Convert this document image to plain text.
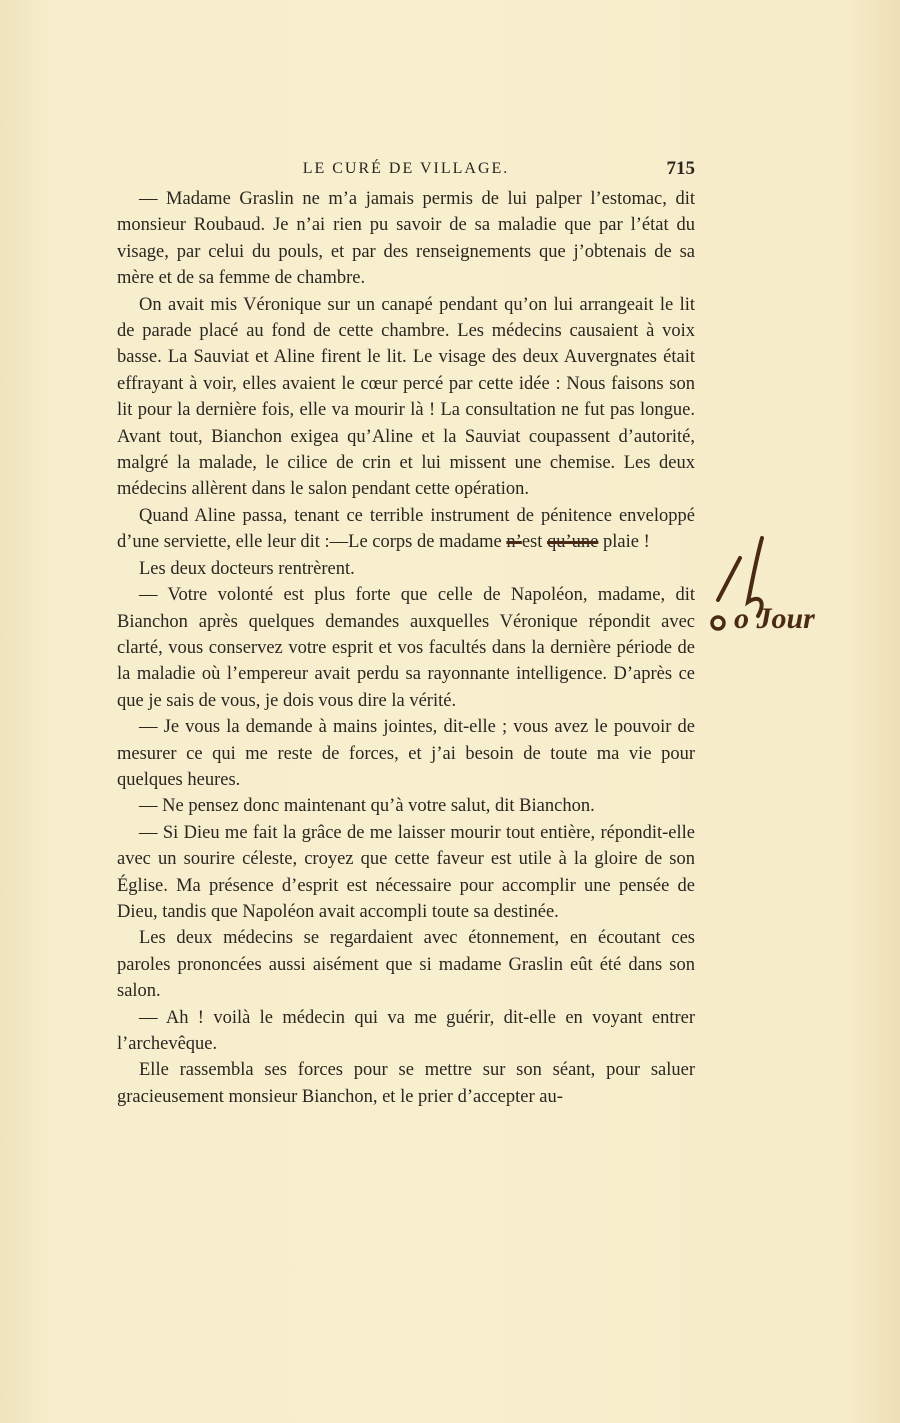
LE CURÉ DE VILLAGE.	715

— Madame Graslin ne m’a jamais permis de lui palper l’estomac, dit monsieur Roubaud. Je n’ai rien pu savoir de sa maladie que par l’état du visage, par celui du pouls, et par des renseignements que j’obtenais de sa mère et de sa femme de chambre.

On avait mis Véronique sur un canapé pendant qu’on lui arrangeait le lit de parade placé au fond de cette chambre. Les médecins causaient à voix basse. La Sauviat et Aline firent le lit. Le visage des deux Auvergnates était effrayant à voir, elles avaient le cœur percé par cette idée : Nous faisons son lit pour la dernière fois, elle va mourir là ! La consultation ne fut pas longue. Avant tout, Bianchon exigea qu’Aline et la Sauviat coupassent d’autorité, malgré la malade, le cilice de crin et lui missent une chemise. Les deux médecins allèrent dans le salon pendant cette opération.

Quand Aline passa, tenant ce terrible instrument de pénitence enveloppé d’une serviette, elle leur dit :—Le corps de madame n’est qu’une plaie !

Les deux docteurs rentrèrent.

— Votre volonté est plus forte que celle de Napoléon, madame, dit Bianchon après quelques demandes auxquelles Véronique répondit avec clarté, vous conservez votre esprit et vos facultés dans la dernière période de la maladie où l’empereur avait perdu sa rayonnante intelligence. D’après ce que je sais de vous, je dois vous dire la vérité.

— Je vous la demande à mains jointes, dit-elle ; vous avez le pouvoir de mesurer ce qui me reste de forces, et j’ai besoin de toute ma vie pour quelques heures.

— Ne pensez donc maintenant qu’à votre salut, dit Bianchon.

— Si Dieu me fait la grâce de me laisser mourir tout entière, répondit-elle avec un sourire céleste, croyez que cette faveur est utile à la gloire de son Église. Ma présence d’esprit est nécessaire pour accomplir une pensée de Dieu, tandis que Napoléon avait accompli toute sa destinée.

Les deux médecins se regardaient avec étonnement, en écoutant ces paroles prononcées aussi aisément que si madame Graslin eût été dans son salon.

— Ah ! voilà le médecin qui va me guérir, dit-elle en voyant entrer l’archevêque.

Elle rassembla ses forces pour se mettre sur son séant, pour saluer gracieusement monsieur Bianchon, et le prier d’accepter au-

o Jour
